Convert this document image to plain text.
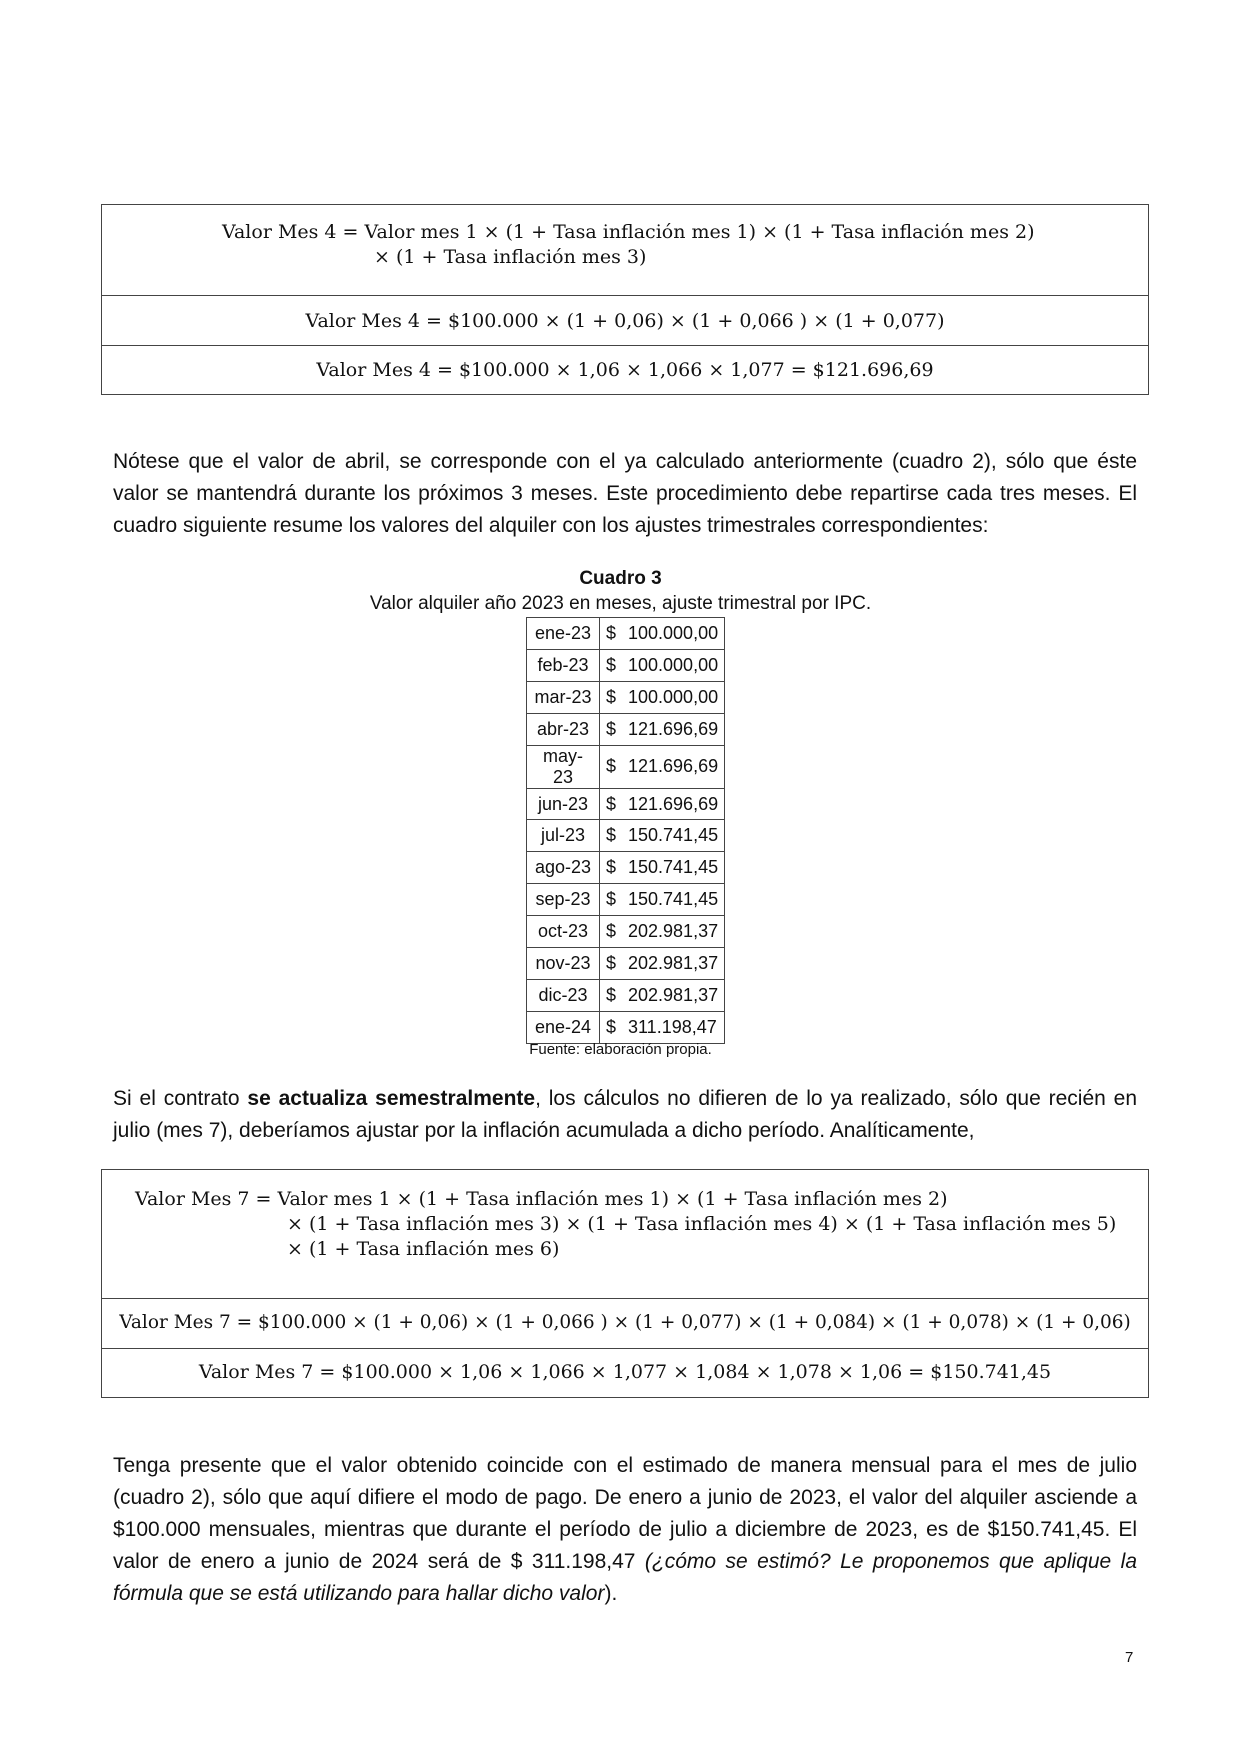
Valor Mes 4 = Valor mes 1 × (1 + Tasa inflación mes 1) × (1 + Tasa inflación mes 2)
× (1 + Tasa inflación mes 3)
Valor Mes 4 = $100.000 × (1 + 0,06) × (1 + 0,066 ) × (1 + 0,077)
Valor Mes 4 = $100.000 × 1,06 × 1,066 × 1,077 = $121.696,69
Nótese que el valor de abril, se corresponde con el ya calculado anteriormente (cuadro 2), sólo que éste
valor se mantendrá durante los próximos 3 meses. Este procedimiento debe repartirse cada tres meses. El
cuadro siguiente resume los valores del alquiler con los ajustes trimestrales correspondientes:
Cuadro 3
Valor alquiler año 2023 en meses, ajuste trimestral por IPC.
ene-23	$ 100.000,00
feb-23	$ 100.000,00
mar-23	$ 100.000,00
abr-23	$ 121.696,69
may-23	$ 121.696,69
jun-23	$ 121.696,69
jul-23	$ 150.741,45
ago-23	$ 150.741,45
sep-23	$ 150.741,45
oct-23	$ 202.981,37
nov-23	$ 202.981,37
dic-23	$ 202.981,37
ene-24	$ 311.198,47
Fuente: elaboración propia.
Si el contrato se actualiza semestralmente, los cálculos no difieren de lo ya realizado, sólo que recién en
julio (mes 7), deberíamos ajustar por la inflación acumulada a dicho período. Analíticamente,
Valor Mes 7 = Valor mes 1 × (1 + Tasa inflación mes 1) × (1 + Tasa inflación mes 2)
× (1 + Tasa inflación mes 3) × (1 + Tasa inflación mes 4) × (1 + Tasa inflación mes 5)
× (1 + Tasa inflación mes 6)
Valor Mes 7 = $100.000 × (1 + 0,06) × (1 + 0,066 ) × (1 + 0,077) × (1 + 0,084) × (1 + 0,078) × (1 + 0,06)
Valor Mes 7 = $100.000 × 1,06 × 1,066 × 1,077 × 1,084 × 1,078 × 1,06 = $150.741,45
Tenga presente que el valor obtenido coincide con el estimado de manera mensual para el mes de julio
(cuadro 2), sólo que aquí difiere el modo de pago. De enero a junio de 2023, el valor del alquiler asciende a
$100.000 mensuales, mientras que durante el período de julio a diciembre de 2023, es de $150.741,45. El
valor de enero a junio de 2024 será de $ 311.198,47 (¿cómo se estimó? Le proponemos que aplique la
fórmula que se está utilizando para hallar dicho valor).
7
